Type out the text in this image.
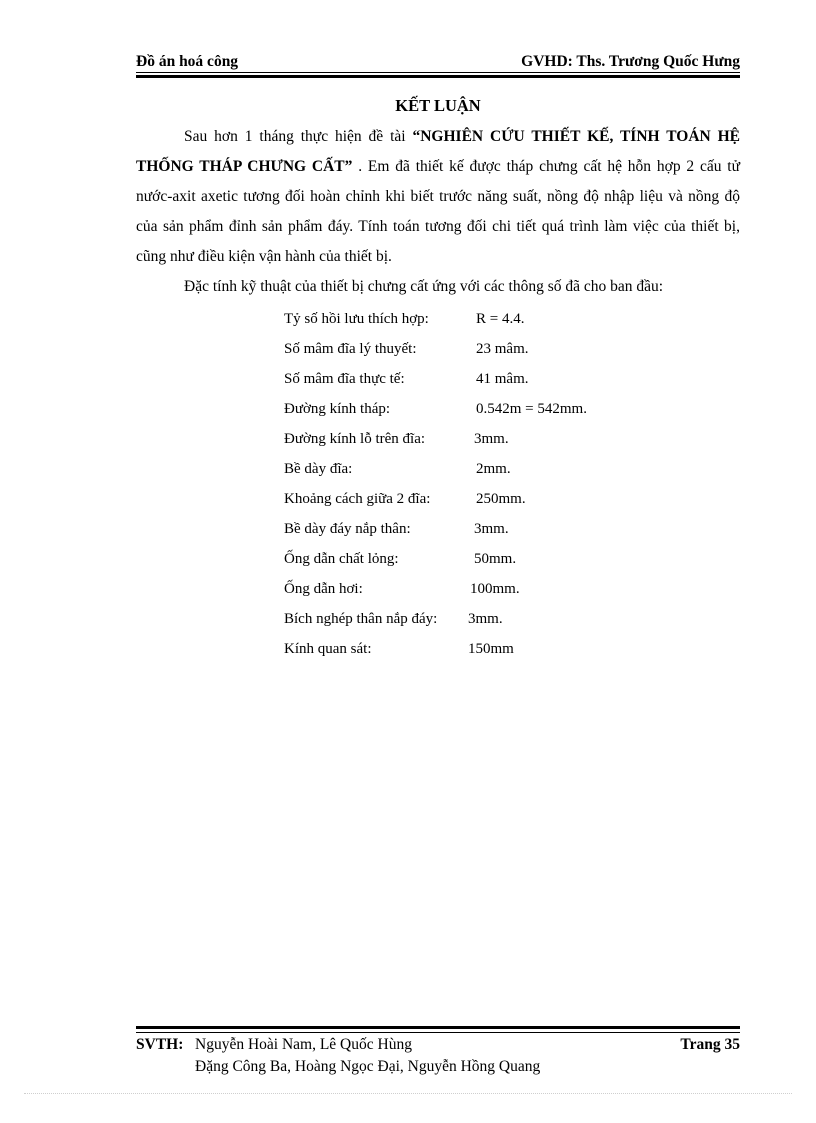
Đồ án hoá công	GVHD: Ths. Trương Quốc Hưng
KẾT LUẬN

Sau hơn 1 tháng thực hiện đề tài “NGHIÊN CỨU THIẾT KẾ, TÍNH TOÁN HỆ THỐNG THÁP CHƯNG CẤT” . Em đã thiết kế được tháp chưng cất hệ hỗn hợp 2 cấu tử nước-axit axetic tương đối hoàn chỉnh khi biết trước năng suất, nồng độ nhập liệu và nồng độ của sản phẩm đỉnh sản phẩm đáy. Tính toán tương đối chi tiết quá trình làm việc của thiết bị, cũng như điều kiện vận hành của thiết bị.

Đặc tính kỹ thuật của thiết bị chưng cất ứng với các thông số đã cho ban đầu:

Tỷ số hồi lưu thích hợp:	R = 4.4.
Số mâm đĩa lý thuyết:	23 mâm.
Số mâm đĩa thực tế:	41 mâm.
Đường kính tháp:	0.542m = 542mm.
Đường kính lỗ trên đĩa:	3mm.
Bề dày đĩa:	2mm.
Khoảng cách giữa 2 đĩa:	250mm.
Bề dày đáy nắp thân:	3mm.
Ống dẫn chất lỏng:	50mm.
Ống dẫn hơi:	100mm.
Bích nghép thân nắp đáy: 3mm.
Kính quan sát:	150mm
SVTH: Nguyễn Hoài Nam, Lê Quốc Hùng	Trang 35
Đặng Công Ba, Hoàng Ngọc Đại, Nguyễn Hồng Quang
